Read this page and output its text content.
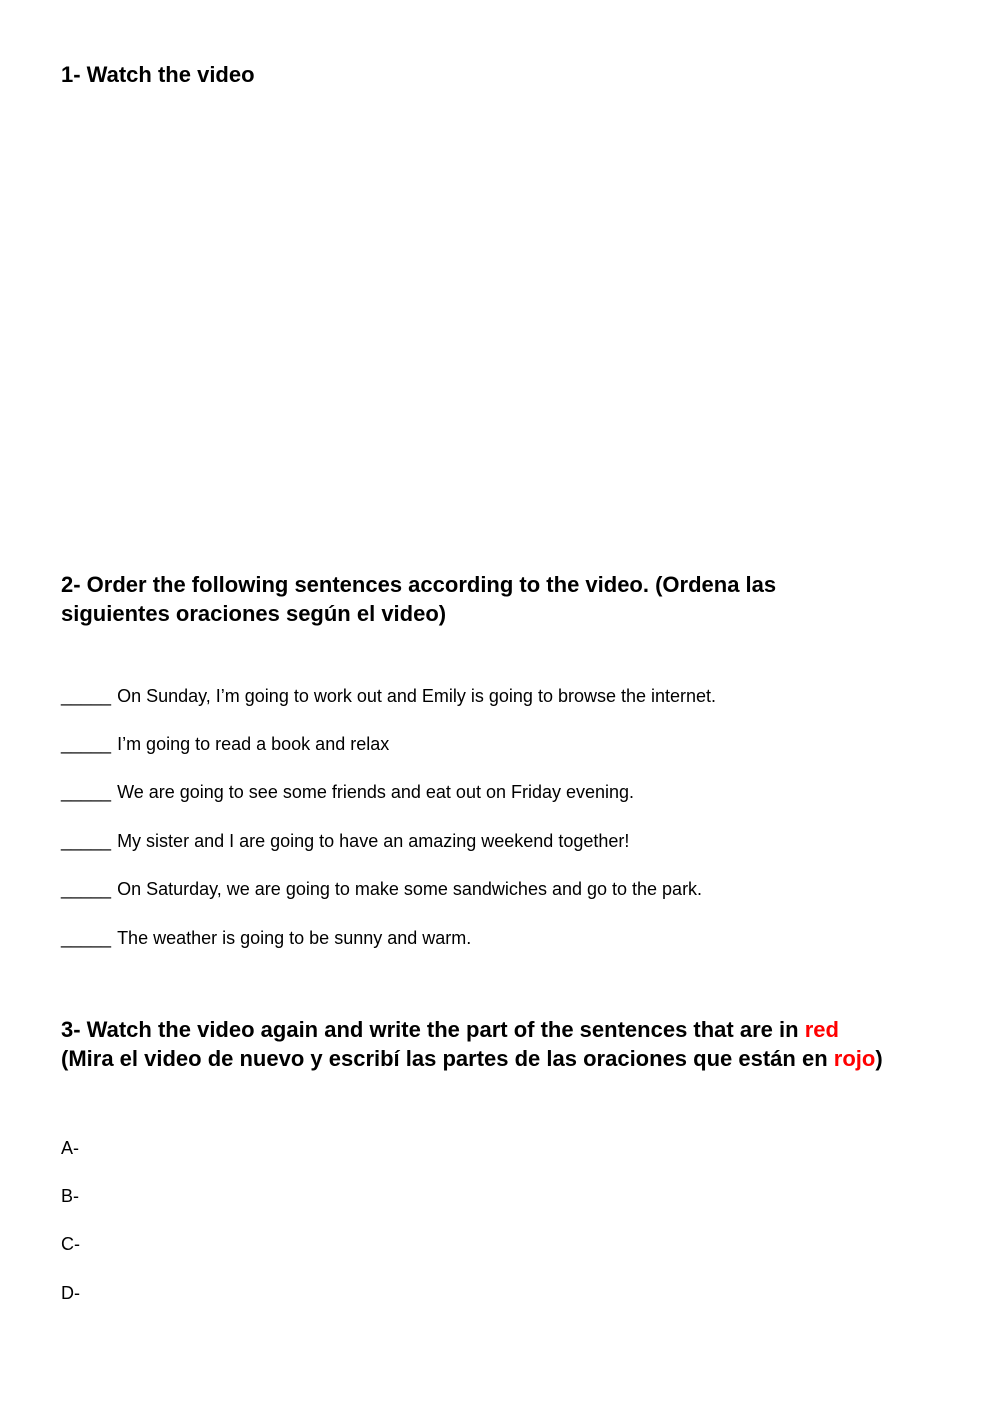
1- Watch the video
2- Order the following sentences according to the video. (Ordena las
siguientes oraciones según el video)
_____ On Sunday, I’m going to work out and Emily is going to browse the internet.
_____ I’m going to read a book and relax
_____ We are going to see some friends and eat out on Friday evening.
_____ My sister and I are going to have an amazing weekend together!
_____ On Saturday, we are going to make some sandwiches and go to the park.
_____ The weather is going to be sunny and warm.
3- Watch the video again and write the part of the sentences that are in red
(Mira el video de nuevo y escribí las partes de las oraciones que están en rojo)
A-
B-
C-
D-
